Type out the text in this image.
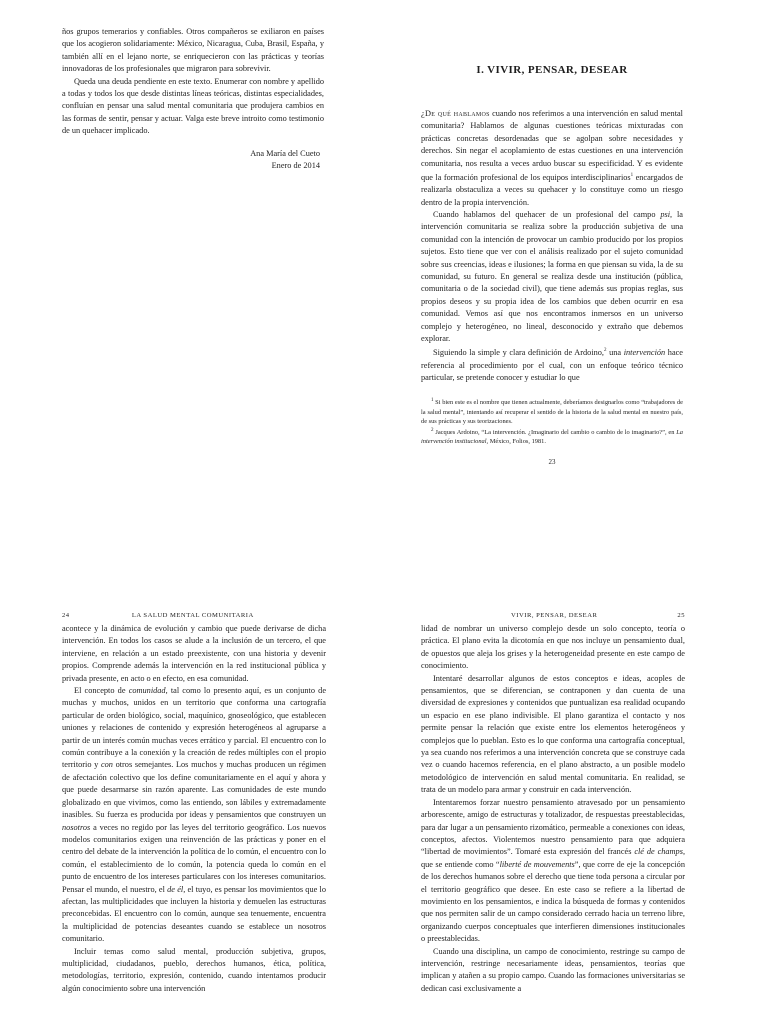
ños grupos temerarios y confiables. Otros compañeros se exiliaron en países que los acogieron solidariamente: México, Nicaragua, Cuba, Brasil, España, y también allí en el lejano norte, se enriquecieron con las prácticas y teorías innovadoras de los profesionales que migraron para sobrevivir.

Queda una deuda pendiente en este texto. Enumerar con nombre y apellido a todas y todos los que desde distintas líneas teóricas, distintas especialidades, confluían en pensar una salud mental comunitaria que produjera cambios en las formas de sentir, pensar y actuar. Valga este breve introito como testimonio de un quehacer implicado.

Ana María del Cueto
Enero de 2014
I. VIVIR, PENSAR, DESEAR

¿De qué hablamos cuando nos referimos a una intervención en salud mental comunitaria? Hablamos de algunas cuestiones teóricas mixturadas con prácticas concretas desordenadas que se agolpan sobre necesidades y derechos. Sin negar el acoplamiento de estas cuestiones en una intervención comunitaria, nos resulta a veces arduo buscar su especificidad. Y es evidente que la formación profesional de los equipos interdisciplinarios$^1$ encargados de realizarla obstaculiza a veces su quehacer y lo constituye como un riesgo dentro de la propia intervención.

Cuando hablamos del quehacer de un profesional del campo psi, la intervención comunitaria se realiza sobre la producción subjetiva de una comunidad con la intención de provocar un cambio producido por los propios sujetos. Esto tiene que ver con el análisis realizado por el sujeto comunidad sobre sus creencias, ideas e ilusiones; la forma en que piensan su vida, la de su comunidad, su futuro. En general se realiza desde una institución (pública, comunitaria o de la sociedad civil), que tiene además sus propias reglas, sus propios deseos y su propia idea de los cambios que deben ocurrir en esa comunidad. Vemos así que nos encontramos inmersos en un universo complejo y heterogéneo, no lineal, desconocido y extraño que debemos explorar.

Siguiendo la simple y clara definición de Ardoino,$^2$ una intervención hace referencia al procedimiento por el cual, con un enfoque teórico técnico particular, se pretende conocer y estudiar lo que

$^1$ Si bien este es el nombre que tienen actualmente, deberíamos designarlos como “trabajadores de la salud mental”, intentando así recuperar el sentido de la historia de la salud mental en nuestro país, de sus prácticas y sus teorizaciones.

$^2$ Jacques Ardoino, “La intervención. ¿Imaginario del cambio o cambio de lo imaginario?”, en La intervención institucional, México, Folios, 1981.

23
24	LA SALUD MENTAL COMUNITARIA

acontece y la dinámica de evolución y cambio que puede derivarse de dicha intervención. En todos los casos se alude a la inclusión de un tercero, el que interviene, en relación a un estado preexistente, con una historia y devenir propios. Comprende además la intervención en la red institucional pública y privada presente, en acto o en efecto, en esa comunidad.

El concepto de comunidad, tal como lo presento aquí, es un conjunto de muchas y muchos, unidos en un territorio que conforma una cartografía particular de orden biológico, social, maquínico, gnoseológico, que establecen uniones y relaciones de contenido y expresión heterogéneos al agruparse a partir de un interés común muchas veces errático y parcial. El encuentro con lo común contribuye a la conexión y la creación de redes múltiples con el propio territorio y con otros semejantes. Los muchos y muchas producen un régimen de afectación colectivo que los define comunitariamente en el aquí y ahora y que puede desarmarse sin razón aparente. Las comunidades de este mundo globalizado en que vivimos, como las entiendo, son lábiles y extremadamente inasibles. Su fuerza es producida por ideas y pensamientos que construyen un nosotros a veces no regido por las leyes del territorio geográfico. Los nuevos modelos comunitarios exigen una reinvención de las prácticas y poner en el centro del debate de la intervención la política de lo común, el encuentro con lo común, el establecimiento de lo común, la potencia queda lo común en el punto de encuentro de los intereses particulares con los intereses comunitarios. Pensar el mundo, el nuestro, el de él, el tuyo, es pensar los movimientos que lo afectan, las multiplicidades que incluyen la historia y demuelen las estructuras preconcebidas. El encuentro con lo común, aunque sea tenuemente, encuentra la multiplicidad de potencias deseantes cuando se establece un nosotros comunitario.

Incluir temas como salud mental, producción subjetiva, grupos, multiplicidad, ciudadanos, pueblo, derechos humanos, ética, política, metodologías, territorio, expresión, contenido, cuando intentamos producir algún conocimiento sobre una intervención

VIVIR, PENSAR, DESEAR	25

lidad de nombrar un universo complejo desde un solo concepto, teoría o práctica. El plano evita la dicotomía en que nos incluye un pensamiento dual, de opuestos que aleja los grises y la heterogeneidad presente en este campo de conocimiento.

Intentaré desarrollar algunos de estos conceptos e ideas, acoples de pensamientos, que se diferencian, se contraponen y dan cuenta de una diversidad de expresiones y contenidos que puntualizan esa realidad ocupando un espacio en ese plano indivisible. El plano garantiza el contacto y nos permite pensar la relación que existe entre los elementos heterogéneos y complejos que lo pueblan. Esto es lo que conforma una cartografía conceptual, ya sea cuando nos referimos a una intervención concreta que se construye cada vez o cuando hacemos referencia, en el plano abstracto, a un posible modelo metodológico de intervención en salud mental comunitaria. En realidad, se trata de un modelo para armar y construir en cada intervención.

Intentaremos forzar nuestro pensamiento atravesado por un pensamiento arborescente, amigo de estructuras y totalizador, de respuestas preestablecidas, para dar lugar a un pensamiento rizomático, permeable a conexiones con ideas, conceptos, afectos. Violentemos nuestro pensamiento para que adquiera “libertad de movimientos”. Tomaré esta expresión del francés clé de champs, que se entiende como “liberté de mouvements”, que corre de eje la concepción de los derechos humanos sobre el derecho que tiene toda persona a circular por el territorio geográfico que desee. En este caso se refiere a la libertad de movimiento en los pensamientos, e indica la búsqueda de formas y contenidos que nos permiten salir de un campo considerado cerrado hacia un terreno libre, organizando cuerpos conceptuales que interfieren dimensiones institucionales o preestablecidas.

Cuando una disciplina, un campo de conocimiento, restringe su campo de intervención, restringe necesariamente ideas, pensamientos, teorías que implican y atañen a su propio campo. Cuando las formaciones universitarias se dedican casi exclusivamente a
